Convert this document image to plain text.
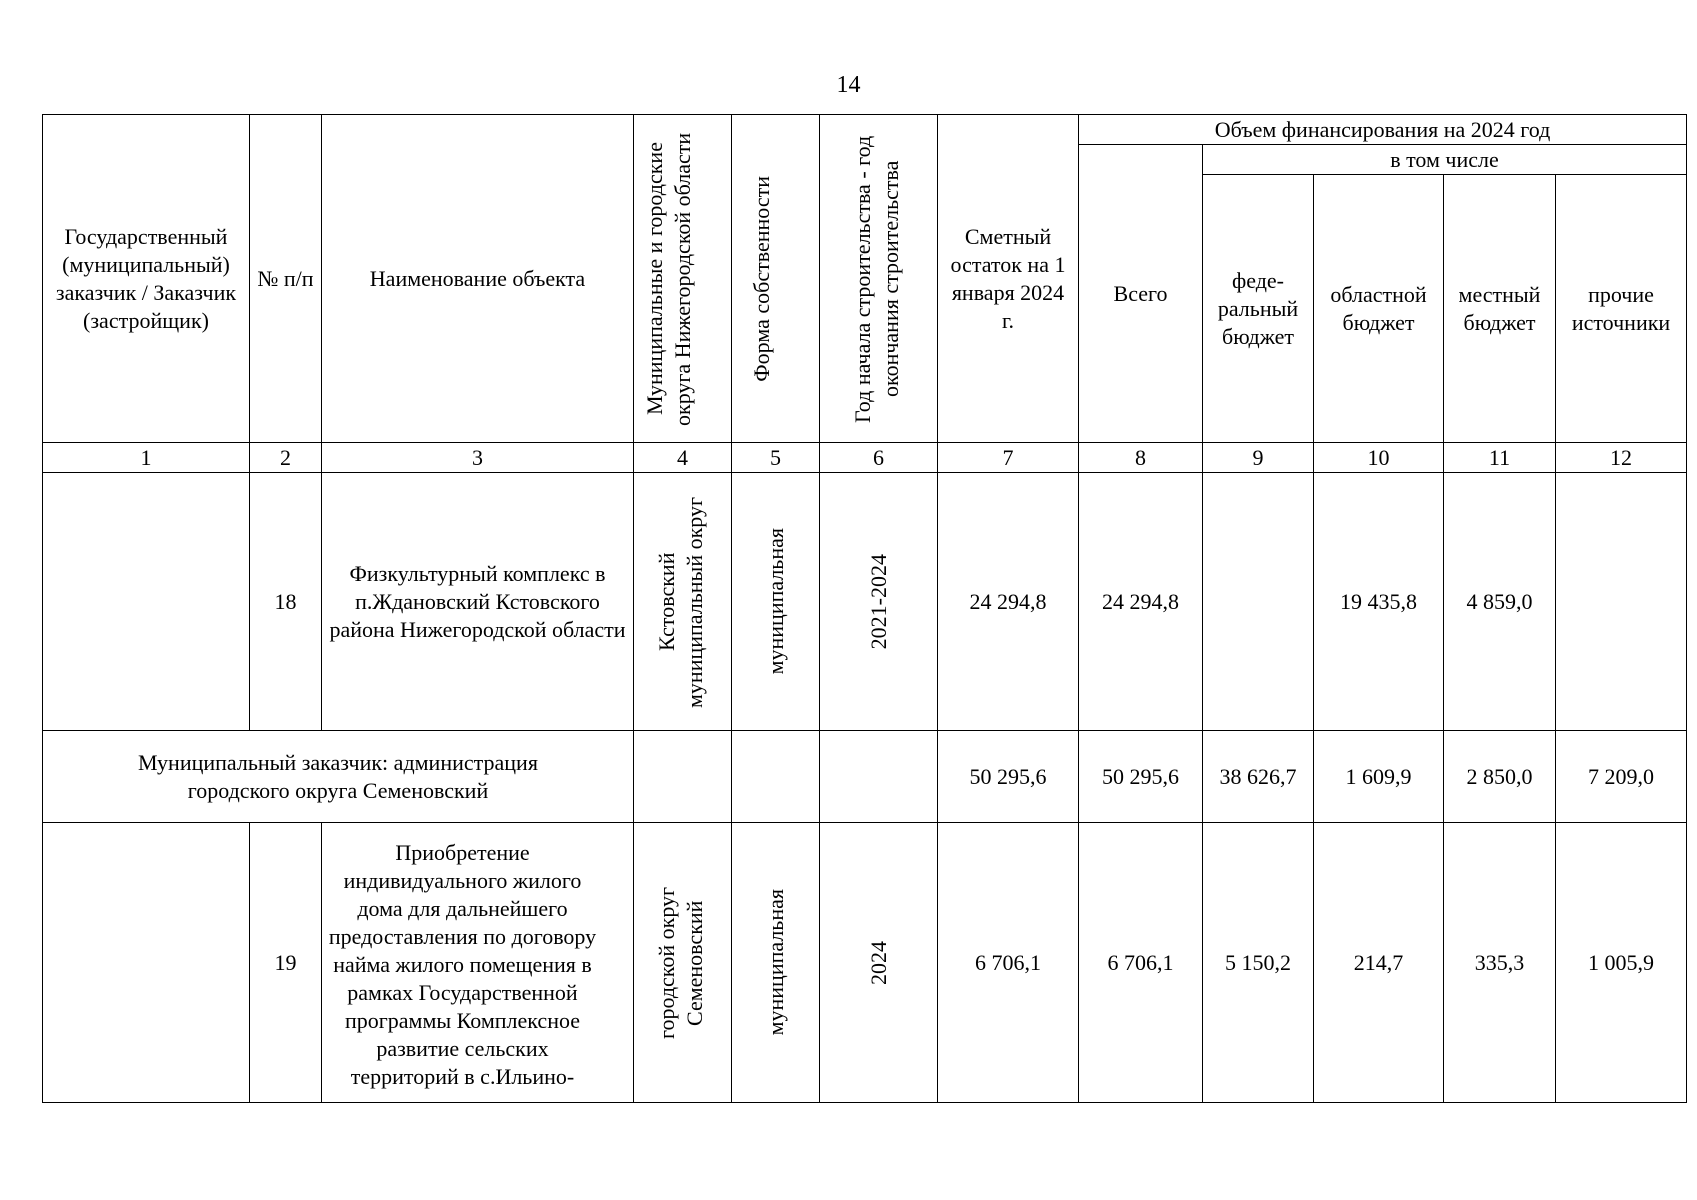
14
Государственный (муниципальный) заказчик / Заказчик (застройщик)	№ п/п	Наименование объекта	Муниципальные и городские округа Нижегородской области	Форма собственности	Год начала строительства - год окончания строительства	Сметный остаток на 1 января 2024 г.	Объем финансирования на 2024 год				
							Всего	в том числе			
								феде-ральный бюджет	областной бюджет	местный бюджет	прочие источники
1	2	3	4	5	6	7	8	9	10	11	12
	18	Физкультурный комплекс в п.Ждановский Кстовского района Нижегородской области	Кстовский муниципальный округ	муниципальная	2021-2024	24 294,8	24 294,8		19 435,8	4 859,0	

Муниципальный заказчик: администрация городского округа Семеновский						50 295,6	50 295,6	38 626,7	1 609,9	2 850,0	7 209,0
	19	Приобретение индивидуального жилого дома для дальнейшего предоставления по договору найма жилого помещения в рамках Государственной программы Комплексное развитие сельских территорий в с.Ильино-	городской округ Семеновский	муниципальная	2024	6 706,1	6 706,1	5 150,2	214,7	335,3	1 005,9
